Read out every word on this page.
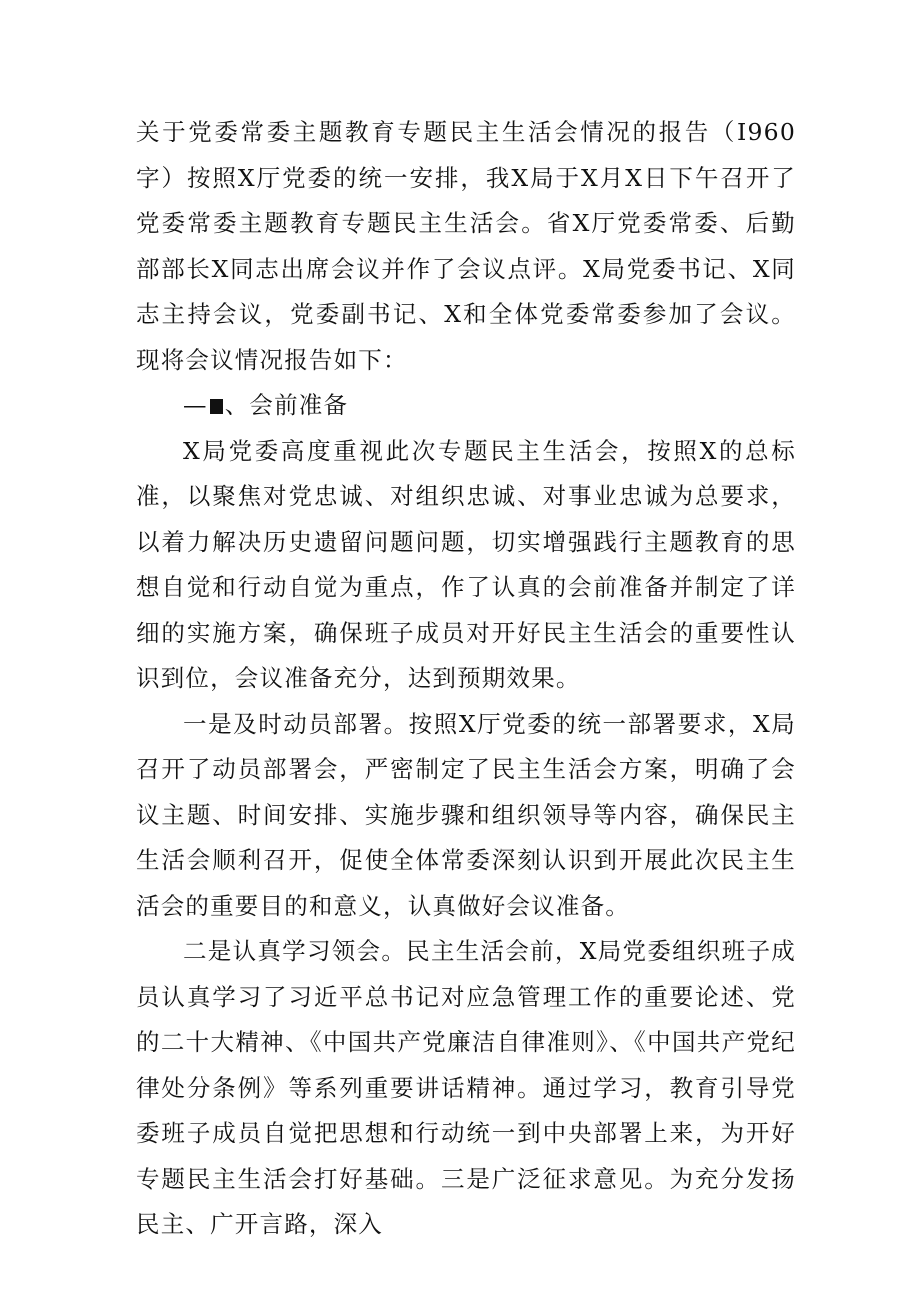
关于党委常委主题教育专题民主生活会情况的报告（I960字）按照X厅党委的统一安排，我X局于X月X日下午召开了党委常委主题教育专题民主生活会。省X厅党委常委、后勤部部长X同志出席会议并作了会议点评。X局党委书记、X同志主持会议，党委副书记、X和全体党委常委参加了会议。现将会议情况报告如下：

— 、会前准备

X局党委高度重视此次专题民主生活会，按照X的总标准，以聚焦对党忠诚、对组织忠诚、对事业忠诚为总要求，以着力解决历史遗留问题问题，切实增强践行主题教育的思想自觉和行动自觉为重点，作了认真的会前准备并制定了详细的实施方案，确保班子成员对开好民主生活会的重要性认识到位，会议准备充分，达到预期效果。

一是及时动员部署。按照X厅党委的统一部署要求，X局召开了动员部署会，严密制定了民主生活会方案，明确了会议主题、时间安排、实施步骤和组织领导等内容，确保民主生活会顺利召开，促使全体常委深刻认识到开展此次民主生活会的重要目的和意义，认真做好会议准备。

二是认真学习领会。民主生活会前，X局党委组织班子成员认真学习了习近平总书记对应急管理工作的重要论述、党的二十大精神、《中国共产党廉洁自律准则》、《中国共产党纪律处分条例》等系列重要讲话精神。通过学习，教育引导党委班子成员自觉把思想和行动统一到中央部署上来，为开好专题民主生活会打好基础。三是广泛征求意见。为充分发扬民主、广开言路，深入
